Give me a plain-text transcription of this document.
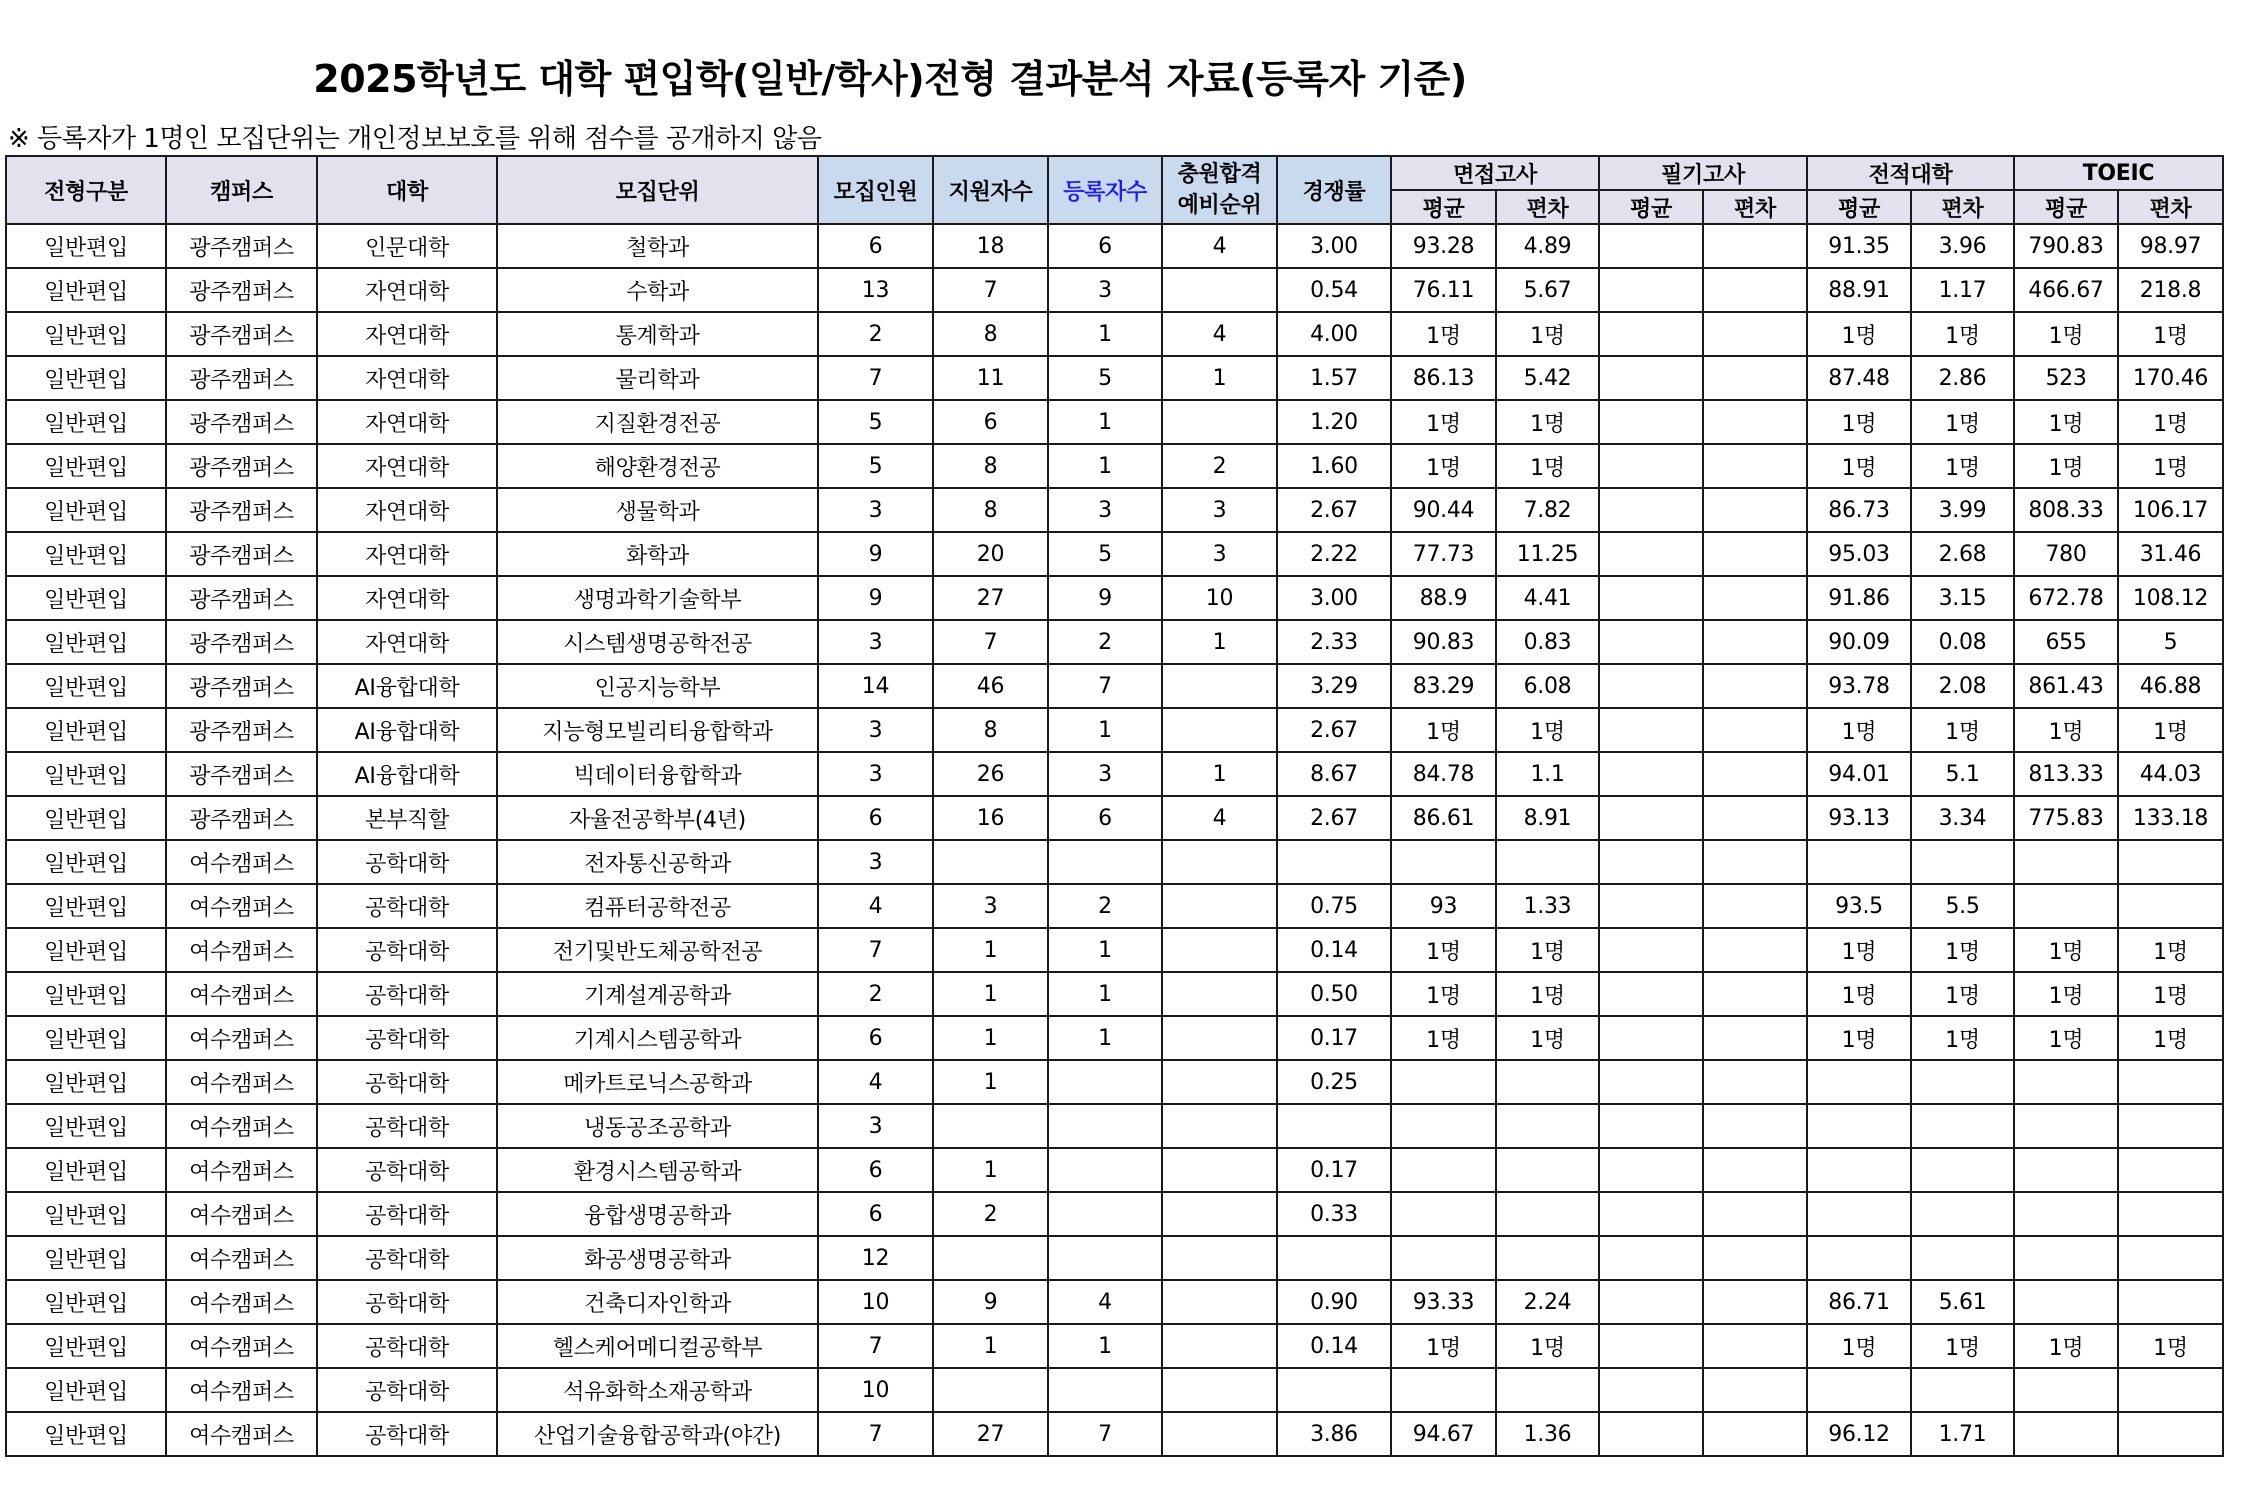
2025학년도 대학 편입학(일반/학사)전형 결과분석 자료(등록자 기준)
※ 등록자가 1명인 모집단위는 개인정보보호를 위해 점수를 공개하지 않음
전형구분	캠퍼스	대학	모집단위	모집인원	지원자수	등록자수	충원합격
예비순위	경쟁률	면접고사		필기고사		전적대학		TOEIC	
									평균	편차	평균	편차	평균	편차	평균	편차
일반편입	광주캠퍼스	인문대학	철학과	6	18	6	4	3.00	93.28	4.89			91.35	3.96	790.83	98.97
일반편입	광주캠퍼스	자연대학	수학과	13	7	3		0.54	76.11	5.67			88.91	1.17	466.67	218.8
일반편입	광주캠퍼스	자연대학	통계학과	2	8	1	4	4.00	1명	1명			1명	1명	1명	1명
일반편입	광주캠퍼스	자연대학	물리학과	7	11	5	1	1.57	86.13	5.42			87.48	2.86	523	170.46
일반편입	광주캠퍼스	자연대학	지질환경전공	5	6	1		1.20	1명	1명			1명	1명	1명	1명
일반편입	광주캠퍼스	자연대학	해양환경전공	5	8	1	2	1.60	1명	1명			1명	1명	1명	1명
일반편입	광주캠퍼스	자연대학	생물학과	3	8	3	3	2.67	90.44	7.82			86.73	3.99	808.33	106.17
일반편입	광주캠퍼스	자연대학	화학과	9	20	5	3	2.22	77.73	11.25			95.03	2.68	780	31.46
일반편입	광주캠퍼스	자연대학	생명과학기술학부	9	27	9	10	3.00	88.9	4.41			91.86	3.15	672.78	108.12
일반편입	광주캠퍼스	자연대학	시스템생명공학전공	3	7	2	1	2.33	90.83	0.83			90.09	0.08	655	5
일반편입	광주캠퍼스	AI융합대학	인공지능학부	14	46	7		3.29	83.29	6.08			93.78	2.08	861.43	46.88
일반편입	광주캠퍼스	AI융합대학	지능형모빌리티융합학과	3	8	1		2.67	1명	1명			1명	1명	1명	1명
일반편입	광주캠퍼스	AI융합대학	빅데이터융합학과	3	26	3	1	8.67	84.78	1.1			94.01	5.1	813.33	44.03
일반편입	광주캠퍼스	본부직할	자율전공학부(4년)	6	16	6	4	2.67	86.61	8.91			93.13	3.34	775.83	133.18
일반편입	여수캠퍼스	공학대학	전자통신공학과	3												
일반편입	여수캠퍼스	공학대학	컴퓨터공학전공	4	3	2		0.75	93	1.33			93.5	5.5		
일반편입	여수캠퍼스	공학대학	전기및반도체공학전공	7	1	1		0.14	1명	1명			1명	1명	1명	1명
일반편입	여수캠퍼스	공학대학	기계설계공학과	2	1	1		0.50	1명	1명			1명	1명	1명	1명
일반편입	여수캠퍼스	공학대학	기계시스템공학과	6	1	1		0.17	1명	1명			1명	1명	1명	1명
일반편입	여수캠퍼스	공학대학	메카트로닉스공학과	4	1			0.25								
일반편입	여수캠퍼스	공학대학	냉동공조공학과	3												
일반편입	여수캠퍼스	공학대학	환경시스템공학과	6	1			0.17								
일반편입	여수캠퍼스	공학대학	융합생명공학과	6	2			0.33								
일반편입	여수캠퍼스	공학대학	화공생명공학과	12												
일반편입	여수캠퍼스	공학대학	건축디자인학과	10	9	4		0.90	93.33	2.24			86.71	5.61		
일반편입	여수캠퍼스	공학대학	헬스케어메디컬공학부	7	1	1		0.14	1명	1명			1명	1명	1명	1명
일반편입	여수캠퍼스	공학대학	석유화학소재공학과	10												
일반편입	여수캠퍼스	공학대학	산업기술융합공학과(야간)	7	27	7		3.86	94.67	1.36			96.12	1.71		
